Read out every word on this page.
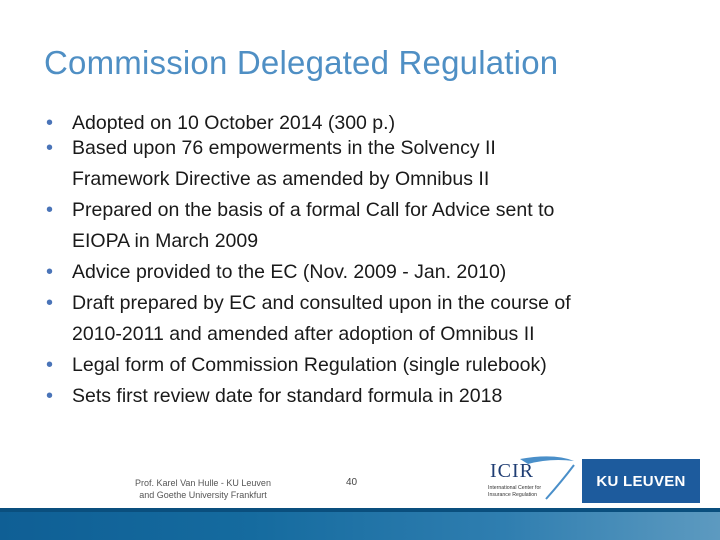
Commission Delegated Regulation
• Adopted on 10 October 2014 (300 p.)
• Based upon 76 empowerments in the Solvency II
Framework Directive as amended by Omnibus II
• Prepared on the basis of a formal Call for Advice sent to
EIOPA in March 2009
• Advice provided to the EC (Nov. 2009 - Jan. 2010)
• Draft prepared by EC and consulted upon in the course of
2010-2011 and amended after adoption of Omnibus II
• Legal form of Commission Regulation (single rulebook)
• Sets first review date for standard formula in 2018
Prof. Karel Van Hulle - KU Leuven
and Goethe University Frankfurt
40
ICIR
International Center for
Insurance Regulation
KU LEUVEN
